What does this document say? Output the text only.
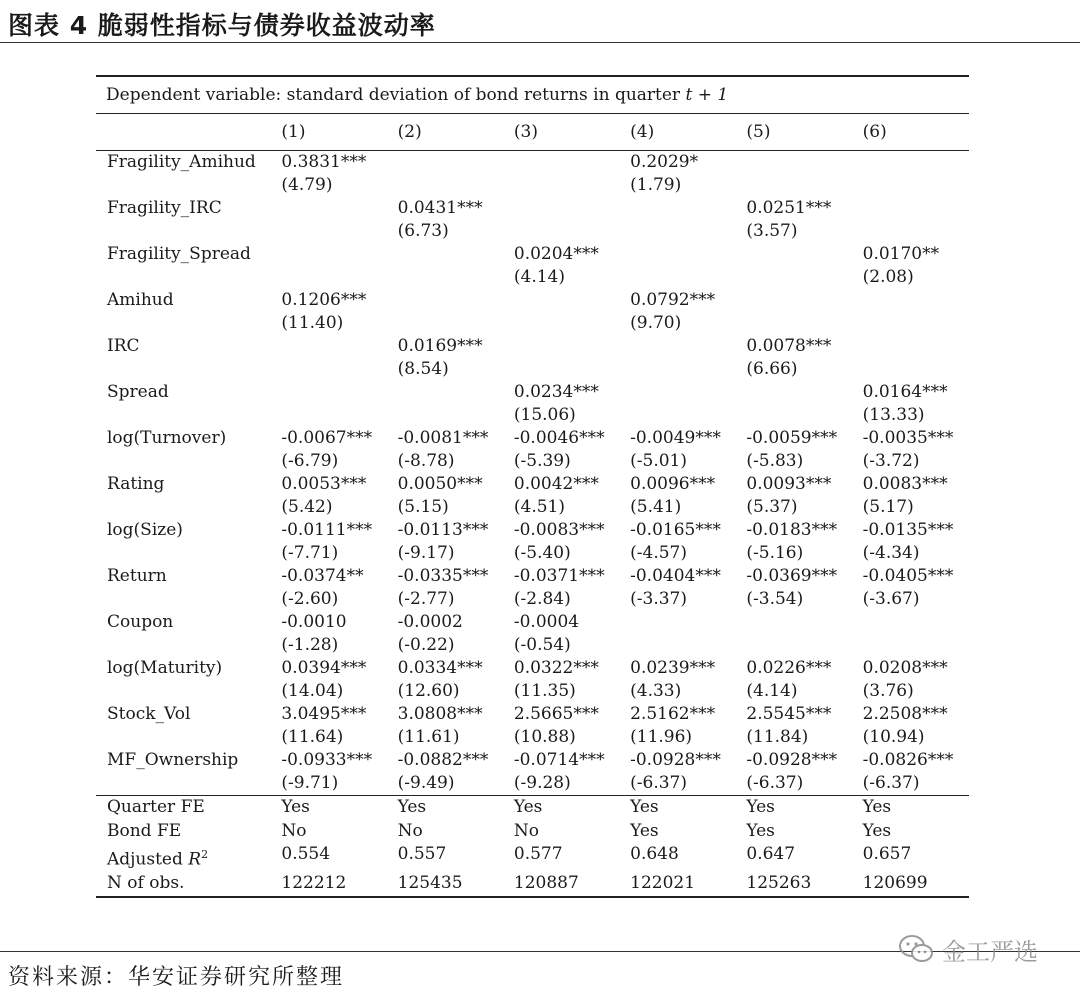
图表 4 脆弱性指标与债券收益波动率
Dependent variable: standard deviation of bond returns in quarter t + 1						
	(1)	(2)	(3)	(4)	(5)	(6)
Fragility_Amihud	0.3831***			0.2029*		
	(4.79)			(1.79)		
Fragility_IRC		0.0431***			0.0251***	
		(6.73)			(3.57)	
Fragility_Spread			0.0204***			0.0170**
			(4.14)			(2.08)
Amihud	0.1206***			0.0792***		
	(11.40)			(9.70)		
IRC		0.0169***			0.0078***	
		(8.54)			(6.66)	
Spread			0.0234***			0.0164***
			(15.06)			(13.33)
log(Turnover)	-0.0067***	-0.0081***	-0.0046***	-0.0049***	-0.0059***	-0.0035***
	(-6.79)	(-8.78)	(-5.39)	(-5.01)	(-5.83)	(-3.72)
Rating	0.0053***	0.0050***	0.0042***	0.0096***	0.0093***	0.0083***
	(5.42)	(5.15)	(4.51)	(5.41)	(5.37)	(5.17)
log(Size)	-0.0111***	-0.0113***	-0.0083***	-0.0165***	-0.0183***	-0.0135***
	(-7.71)	(-9.17)	(-5.40)	(-4.57)	(-5.16)	(-4.34)
Return	-0.0374**	-0.0335***	-0.0371***	-0.0404***	-0.0369***	-0.0405***
	(-2.60)	(-2.77)	(-2.84)	(-3.37)	(-3.54)	(-3.67)
Coupon	-0.0010	-0.0002	-0.0004			
	(-1.28)	(-0.22)	(-0.54)			
log(Maturity)	0.0394***	0.0334***	0.0322***	0.0239***	0.0226***	0.0208***
	(14.04)	(12.60)	(11.35)	(4.33)	(4.14)	(3.76)
Stock_Vol	3.0495***	3.0808***	2.5665***	2.5162***	2.5545***	2.2508***
	(11.64)	(11.61)	(10.88)	(11.96)	(11.84)	(10.94)
MF_Ownership	-0.0933***	-0.0882***	-0.0714***	-0.0928***	-0.0928***	-0.0826***
	(-9.71)	(-9.49)	(-9.28)	(-6.37)	(-6.37)	(-6.37)
Quarter FE	Yes	Yes	Yes	Yes	Yes	Yes
Bond FE	No	No	No	Yes	Yes	Yes
Adjusted $R^2$	0.554	0.557	0.577	0.648	0.647	0.657
N of obs.	122212	125435	120887	122021	125263	120699
资料来源：华安证券研究所整理
金工严选
